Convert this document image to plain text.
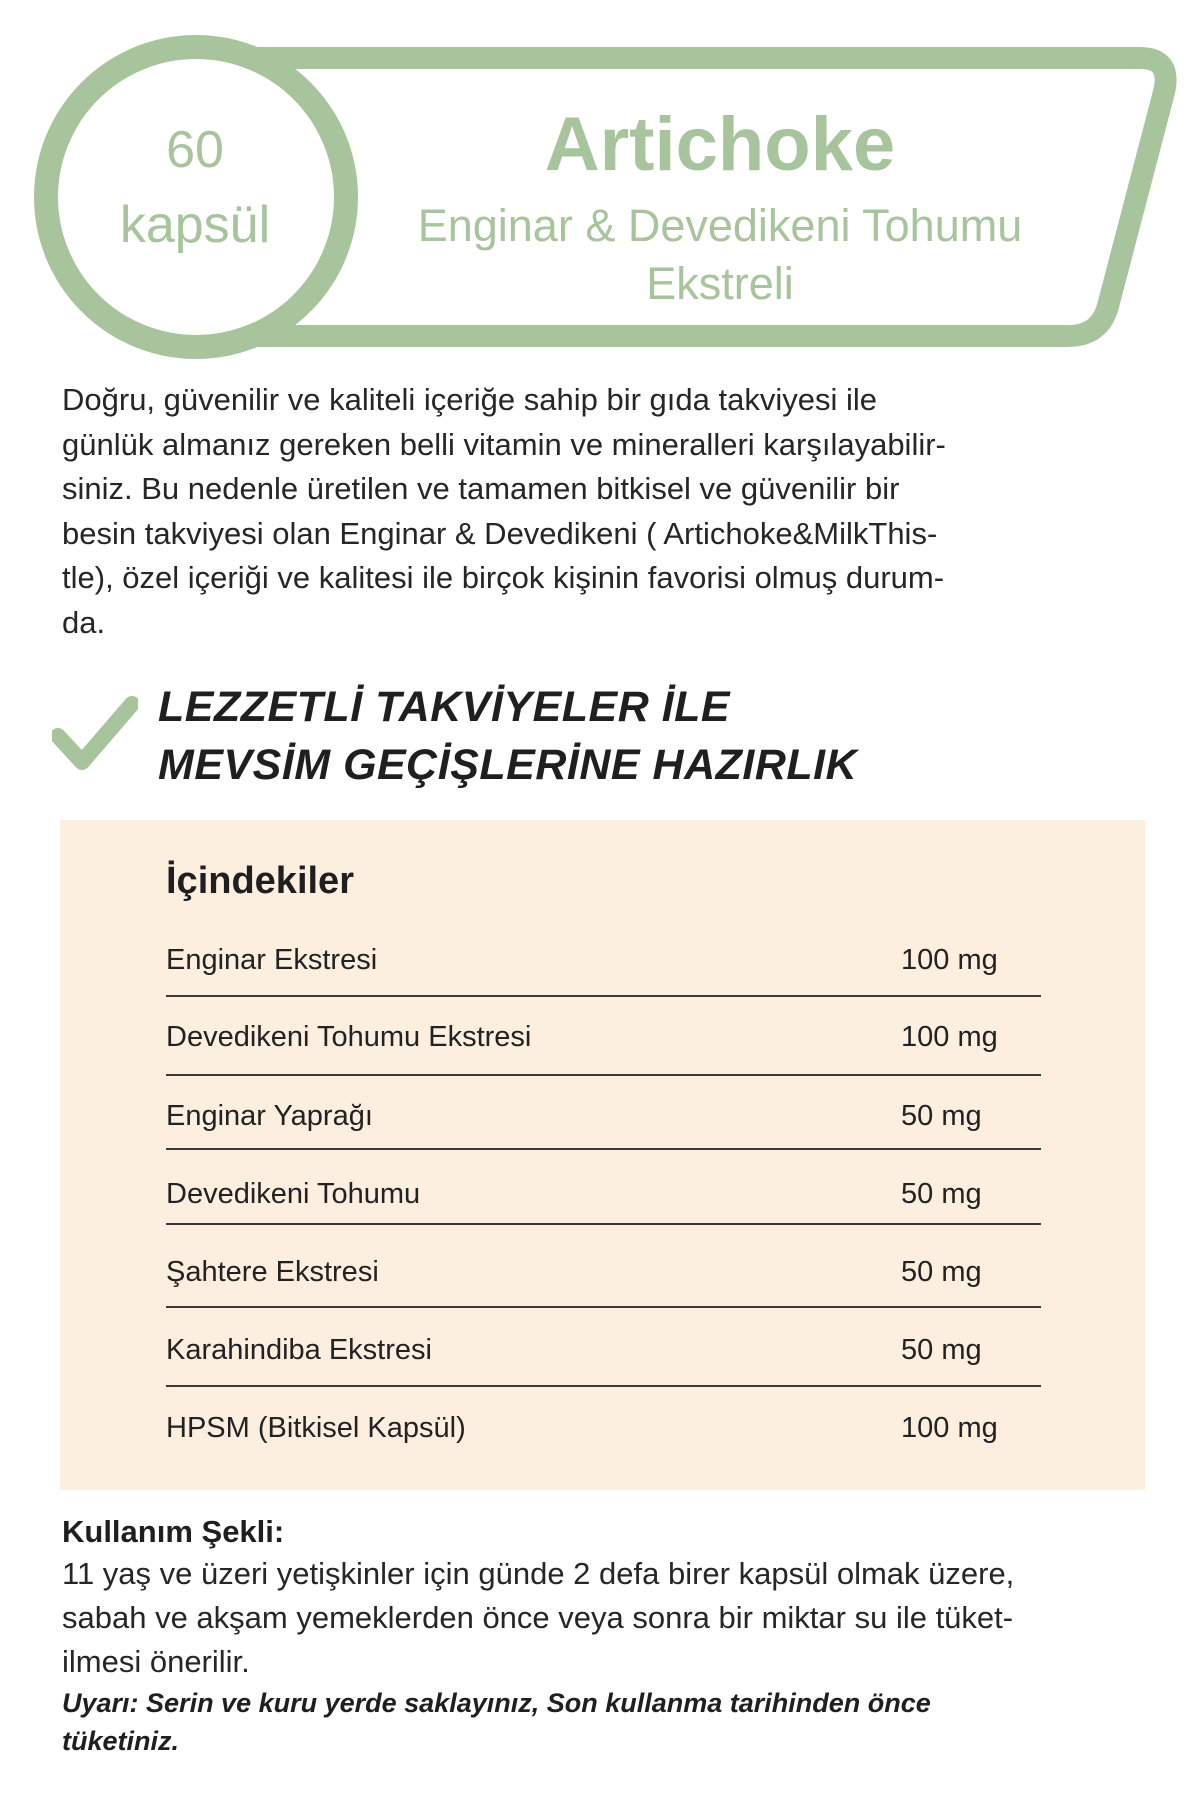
60
kapsül
Artichoke
Enginar & Devedikeni Tohumu
Ekstreli

Doğru, güvenilir ve kaliteli içeriğe sahip bir gıda takviyesi ile
günlük almanız gereken belli vitamin ve mineralleri karşılayabilir-
siniz. Bu nedenle üretilen ve tamamen bitkisel ve güvenilir bir
besin takviyesi olan Enginar & Devedikeni ( Artichoke&MilkThis-
tle), özel içeriği ve kalitesi ile birçok kişinin favorisi olmuş durum-
da.

LEZZETLİ TAKVİYELER İLE
MEVSİM GEÇİŞLERİNE HAZIRLIK
İçindekiler
Enginar Ekstresi	100 mg
Devedikeni Tohumu Ekstresi	100 mg
Enginar Yaprağı	50 mg
Devedikeni Tohumu	50 mg
Şahtere Ekstresi	50 mg
Karahindiba Ekstresi	50 mg
HPSM (Bitkisel Kapsül)	100 mg
Kullanım Şekli:

11 yaş ve üzeri yetişkinler için günde 2 defa birer kapsül olmak üzere,
sabah ve akşam yemeklerden önce veya sonra bir miktar su ile tüket-
ilmesi önerilir.

Uyarı: Serin ve kuru yerde saklayınız, Son kullanma tarihinden önce
tüketiniz.
